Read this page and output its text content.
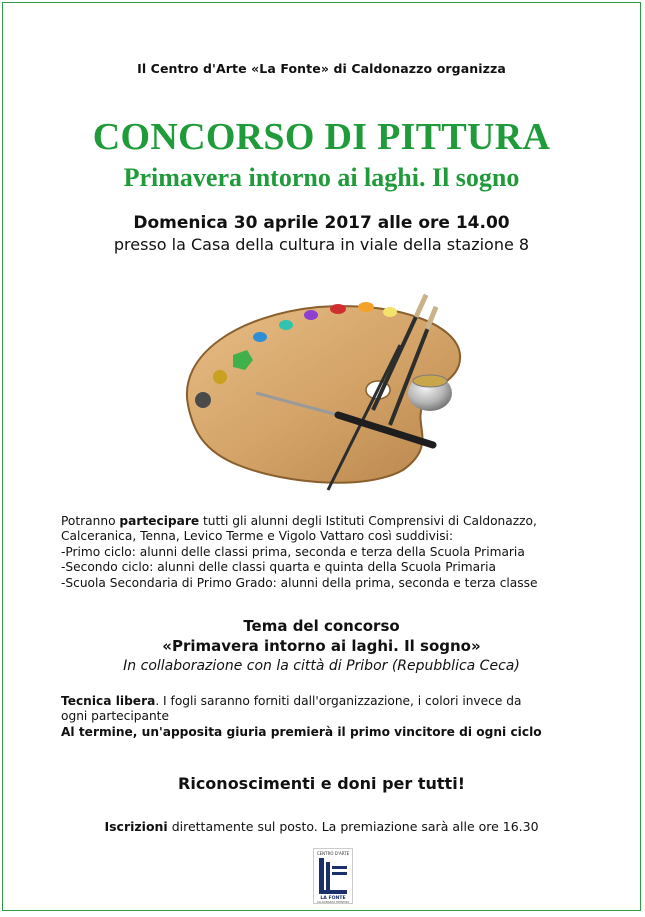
Il Centro d'Arte «La Fonte» di Caldonazzo organizza
CONCORSO DI PITTURA
Primavera intorno ai laghi. Il sogno
Domenica 30 aprile 2017 alle ore 14.00
presso la Casa della cultura in viale della stazione 8
Potranno partecipare tutti gli alunni degli Istituti Comprensivi di Caldonazzo,
Calceranica, Tenna, Levico Terme e Vigolo Vattaro così suddivisi:
-Primo ciclo: alunni delle classi prima, seconda e terza della Scuola Primaria
-Secondo ciclo: alunni delle classi quarta e quinta della Scuola Primaria
-Scuola Secondaria di Primo Grado: alunni della prima, seconda e terza classe
Tema del concorso
«Primavera intorno ai laghi. Il sogno»
In collaborazione con la città di Pribor (Repubblica Ceca)
Tecnica libera. I fogli saranno forniti dall'organizzazione, i colori invece da
ogni partecipante
Al termine, un'apposita giuria premierà il primo vincitore di ogni ciclo
Riconoscimenti e doni per tutti!
Iscrizioni direttamente sul posto. La premiazione sarà alle ore 16.30
CENTRO D'ARTE
LA FONTE
CALDONAZZO TRENTINO
